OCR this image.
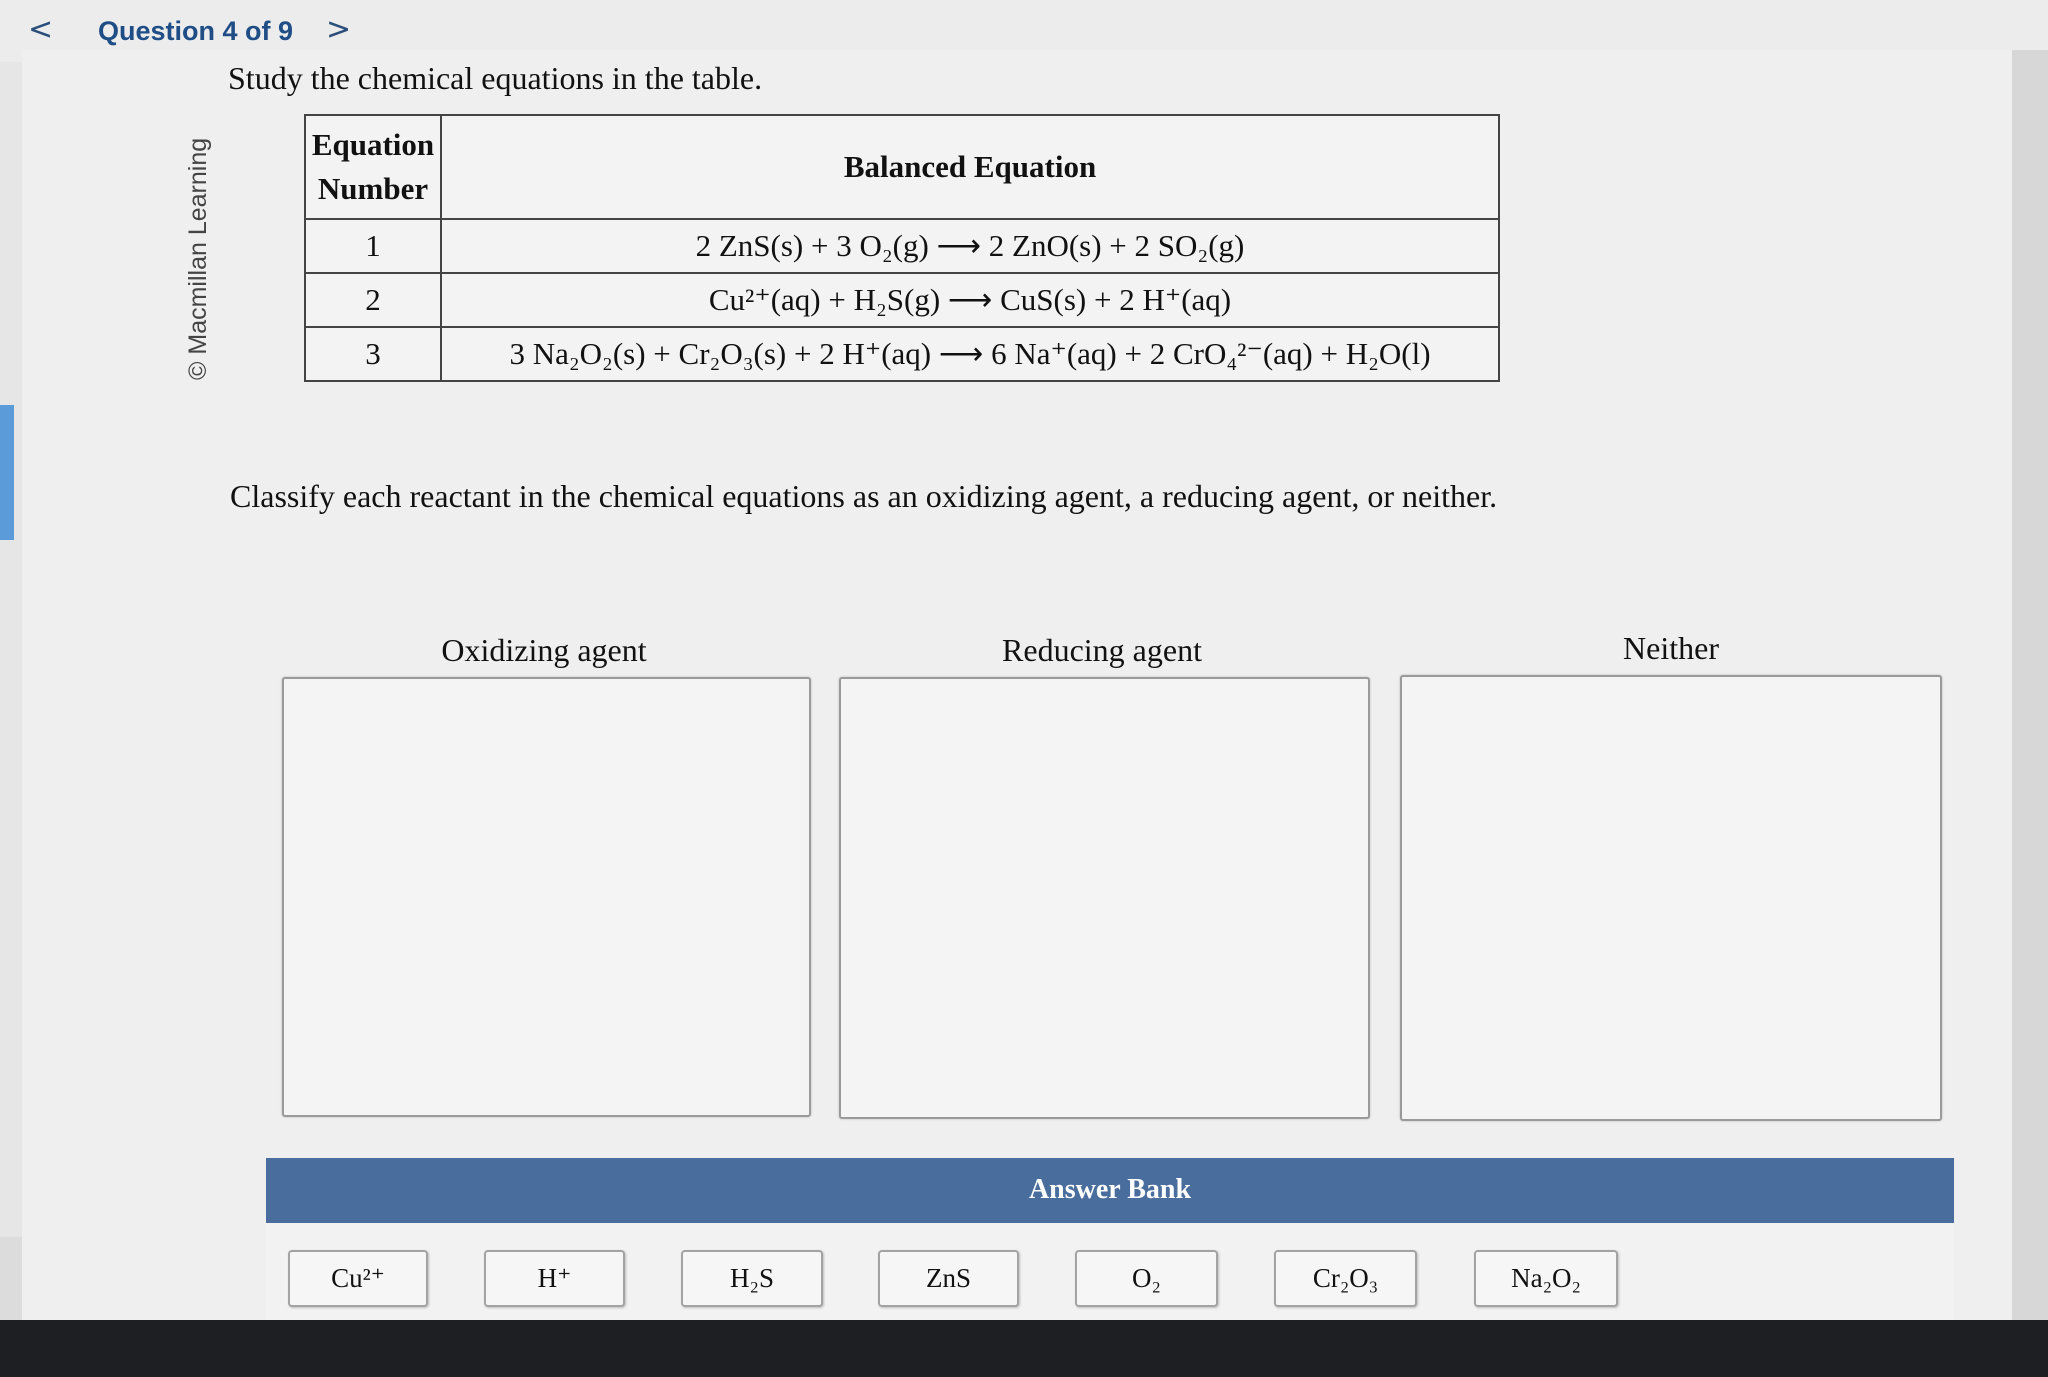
< Question 4 of 9 >
Study the chemical equations in the table.
Equation
Number	Balanced Equation
1	2 ZnS(s) + 3 O₂(g) ⟶ 2 ZnO(s) + 2 SO₂(g)
2	Cu²⁺(aq) + H₂S(g) ⟶ CuS(s) + 2 H⁺(aq)
3	3 Na₂O₂(s) + Cr₂O₃(s) + 2 H⁺(aq) ⟶ 6 Na⁺(aq) + 2 CrO₄²⁻(aq) + H₂O(l)
Classify each reactant in the chemical equations as an oxidizing agent, a reducing agent, or neither.
Oxidizing agent	Reducing agent	Neither
Answer Bank
Cu²⁺	H⁺	H₂S	ZnS	O₂	Cr₂O₃	Na₂O₂
